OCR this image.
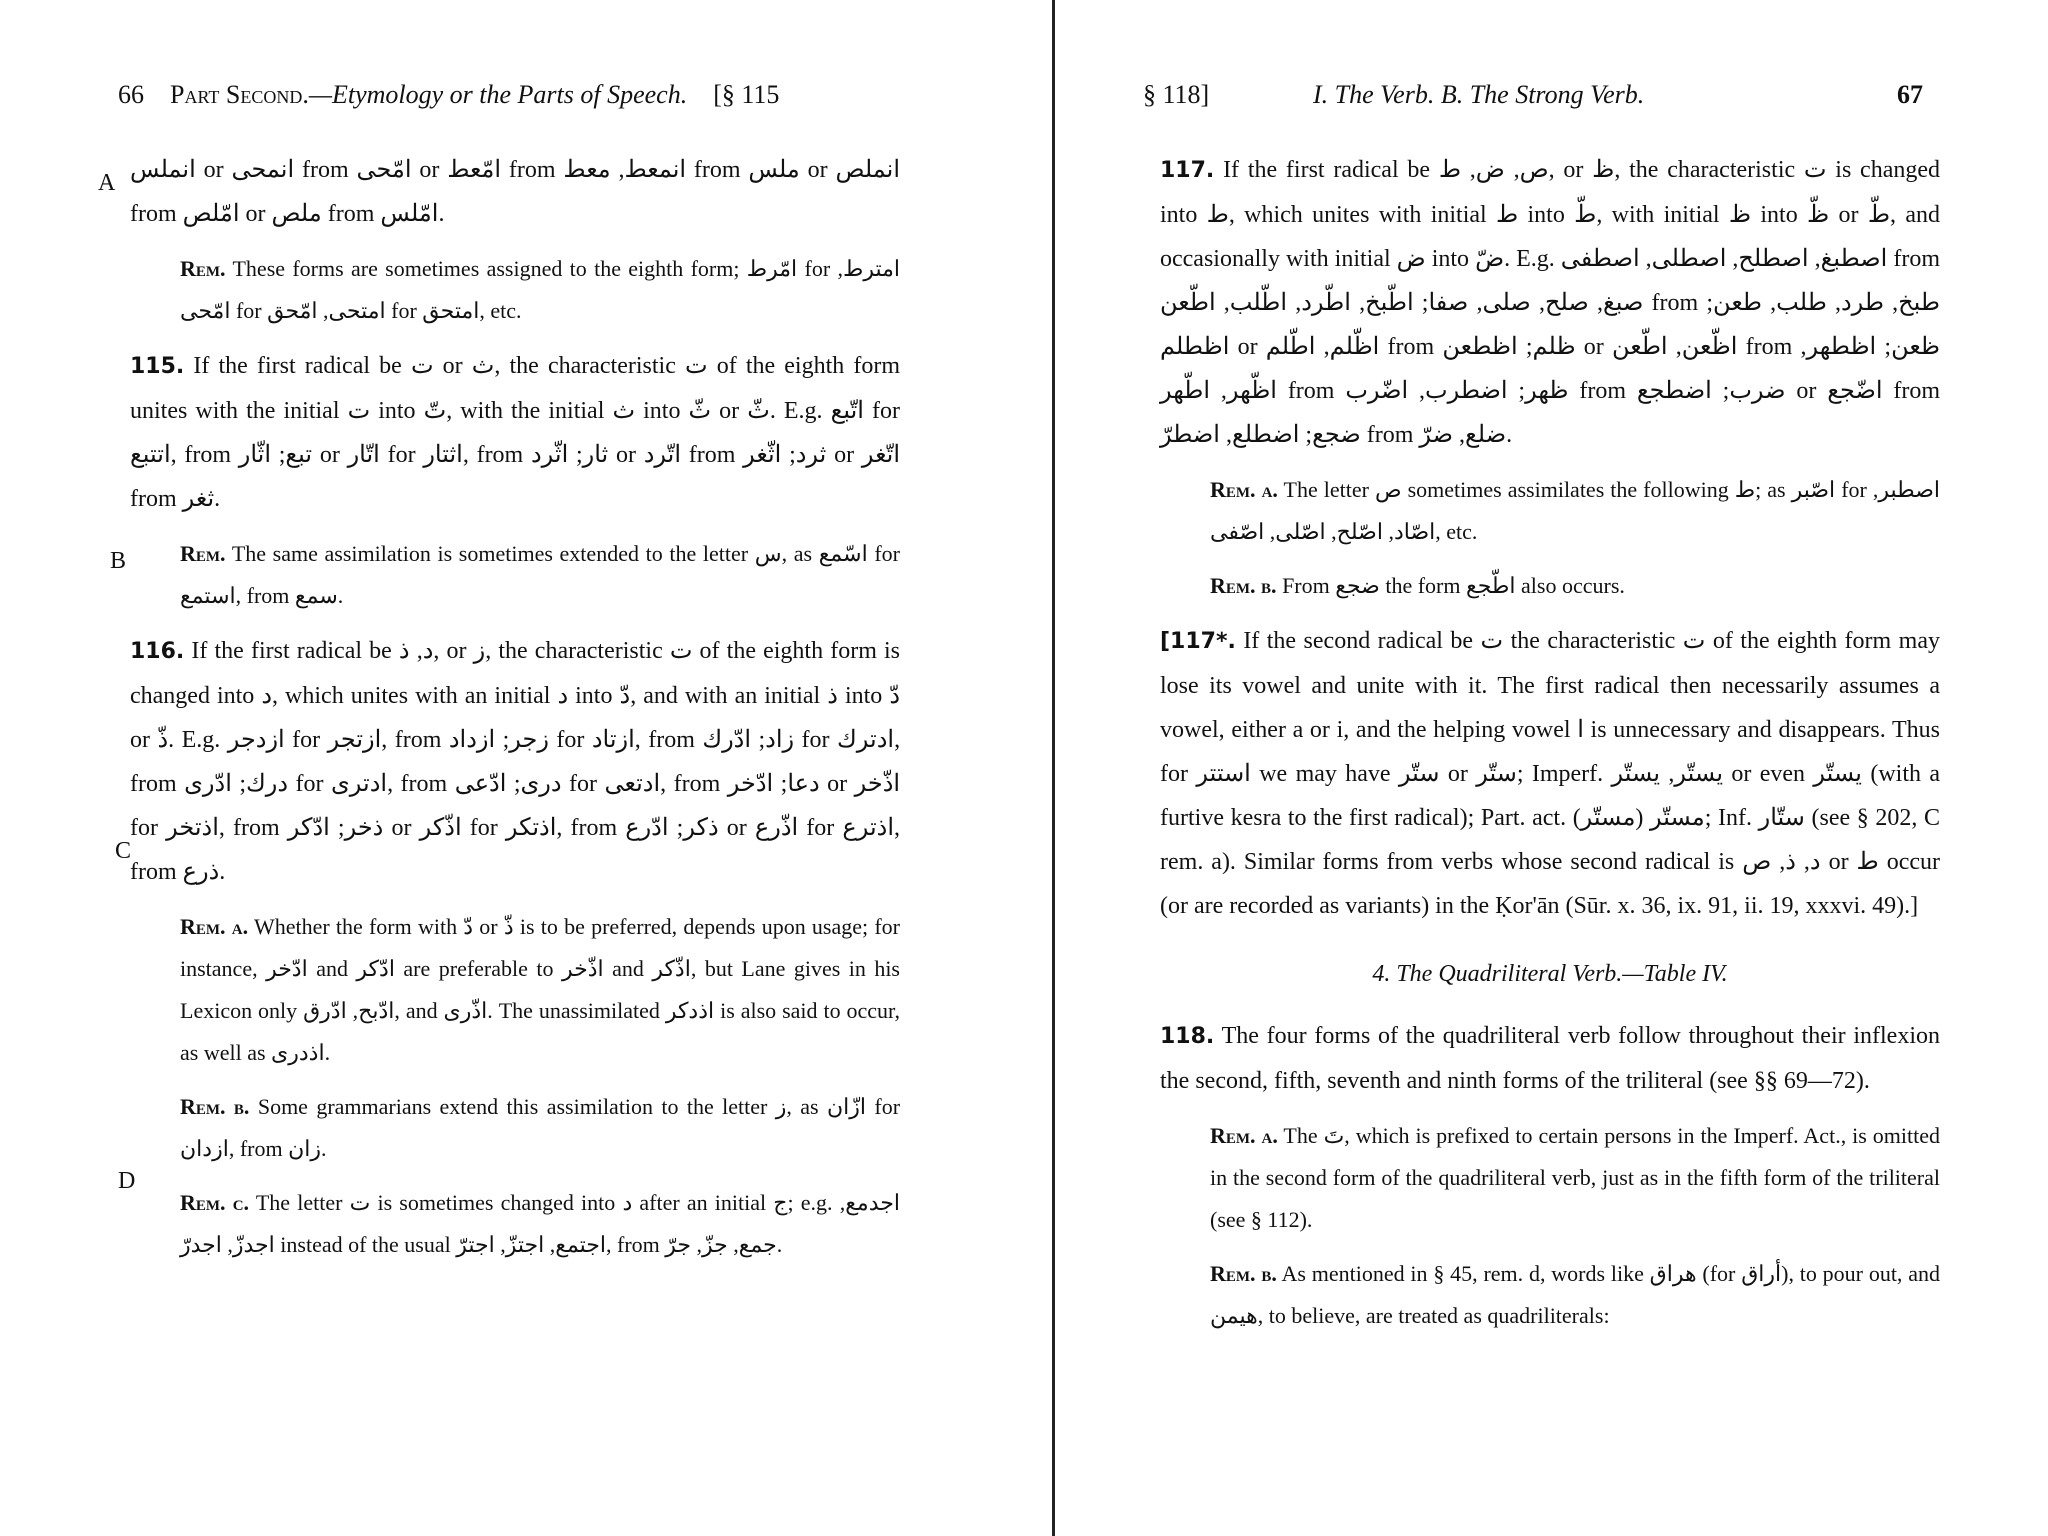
66 Part Second.—Etymology or the Parts of Speech. [§ 115

انملس or انمحى from امّحى or امّعط from انمعط, معط from ملس or انملص from امّلص or ملص from امّلس.

Rem. These forms are sometimes assigned to the eighth form; امّرط for امترط, امّحى for امتحى, امّحق for امتحق, etc.

115. If the first radical be ت or ث, the characteristic ت of the eighth form unites with the initial ت into تّ, with the initial ث into ثّ or ثّ. E.g. اتّبع for اتتبع, from تبع; اثّار or اتّار for اثتار, from ثار; اثّرد or اتّرد from ثرد; اثّغر or اتّغر from ثغر.

Rem. The same assimilation is sometimes extended to the letter س, as اسّمع for استمع, from سمع.

116. If the first radical be د, ذ, or ز, the characteristic ت of the eighth form is changed into د, which unites with an initial د into دّ, and with an initial ذ into دّ or ذّ. E.g. ازدجر for ازتجر, from زجر; ازداد for ازتاد, from زاد; ادّرك for ادترك, from درك; ادّرى for ادترى, from درى; ادّعى for ادتعى, from دعا; ادّخر or اذّخر for اذتخر, from ذخر; ادّكر or اذّكر for اذتكر, from ذكر; ادّرع or اذّرع for اذترع, from ذرع.

Rem. a. Whether the form with دّ or ذّ is to be preferred, depends upon usage; for instance, ادّخر and ادّكر are preferable to اذّخر and اذّكر, but Lane gives in his Lexicon only ادّبح, ادّرق, and اذّرى. The unassimilated اذدكر is also said to occur, as well as اذدرى.

Rem. b. Some grammarians extend this assimilation to the letter ز, as ازّان for ازدان, from زان.

Rem. c. The letter ت is sometimes changed into د after an initial ج; e.g. اجدمع, اجدزّ, اجدرّ instead of the usual اجتمع, اجتزّ, اجترّ, from جمع, جزّ, جرّ.

A
B
C
D
§ 118]	I. The Verb. B. The Strong Verb.	67

117. If the first radical be ص, ض, ط, or ظ, the characteristic ت is changed into ط, which unites with initial ط into طّ, with initial ظ into ظّ or طّ, and occasionally with initial ض into ضّ. E.g. اصطبغ, اصطلح, اصطلى, اصطفى from صبغ, صلح, صلى, صفا; اطّبخ, اطّرد, اطّلب, اطّعن from طبخ, طرد, طلب, طعن; اظطلم or اظّلم, اطّلم from ظلم; اظطعن or اظّعن, اطّعن from ظعن; اظطهر, اظّهر, اطّهر from ظهر; اضطرب, اضّرب from ضرب; اضطجع or اضّجع from ضجع; اضطلع, اضطرّ from ضلع, ضرّ.

Rem. a. The letter ص sometimes assimilates the following ط; as اصّبر for اصطبر, اصّاد, اصّلح, اصّلى, اصّفى, etc.

Rem. b. From ضجع the form اطّجع also occurs.

[117*. If the second radical be ت the characteristic ت of the eighth form may lose its vowel and unite with it. The first radical then necessarily assumes a vowel, either a or i, and the helping vowel ا is unnecessary and disappears. Thus for استتر we may have ستّر or ستّر; Imperf. يستّر, يستّر or even يستّر (with a furtive kesra to the first radical); Part. act. مستّر (مستّر); Inf. ستّار (see § 202, C rem. a). Similar forms from verbs whose second radical is د, ذ, ص or ط occur (or are recorded as variants) in the Ḳor'ān (Sūr. x. 36, ix. 91, ii. 19, xxxvi. 49).]

4. The Quadriliteral Verb.—Table IV.

118. The four forms of the quadriliteral verb follow throughout their inflexion the second, fifth, seventh and ninth forms of the triliteral (see §§ 69—72).

Rem. a. The تَ, which is prefixed to certain persons in the Imperf. Act., is omitted in the second form of the quadriliteral verb, just as in the fifth form of the triliteral (see § 112).

Rem. b. As mentioned in § 45, rem. d, words like هراق (for أراق), to pour out, and هيمن, to believe, are treated as quadriliterals:
